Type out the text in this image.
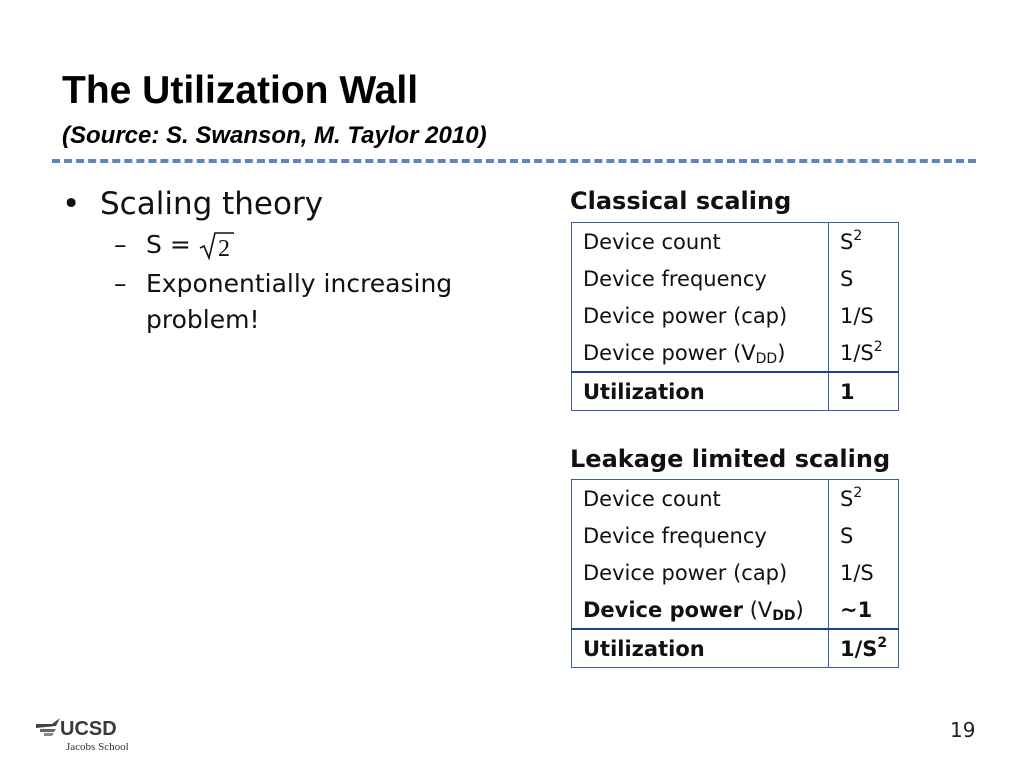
The Utilization Wall
(Source: S. Swanson, M. Taylor 2010)
• Scaling theory
– S = 2
– Exponentially increasing problem!
Classical scaling
Device count	$S^2$
Device frequency	S
Device power (cap)	1/S
Device power $(V_{DD})$	$1/S^2$
Utilization	1
Leakage limited scaling
Device count	$S^2$
Device frequency	S
Device power (cap)	1/S
Device power $(V_{DD})$	~1
Utilization	$1/S^2$
UCSD
Jacobs School
19
